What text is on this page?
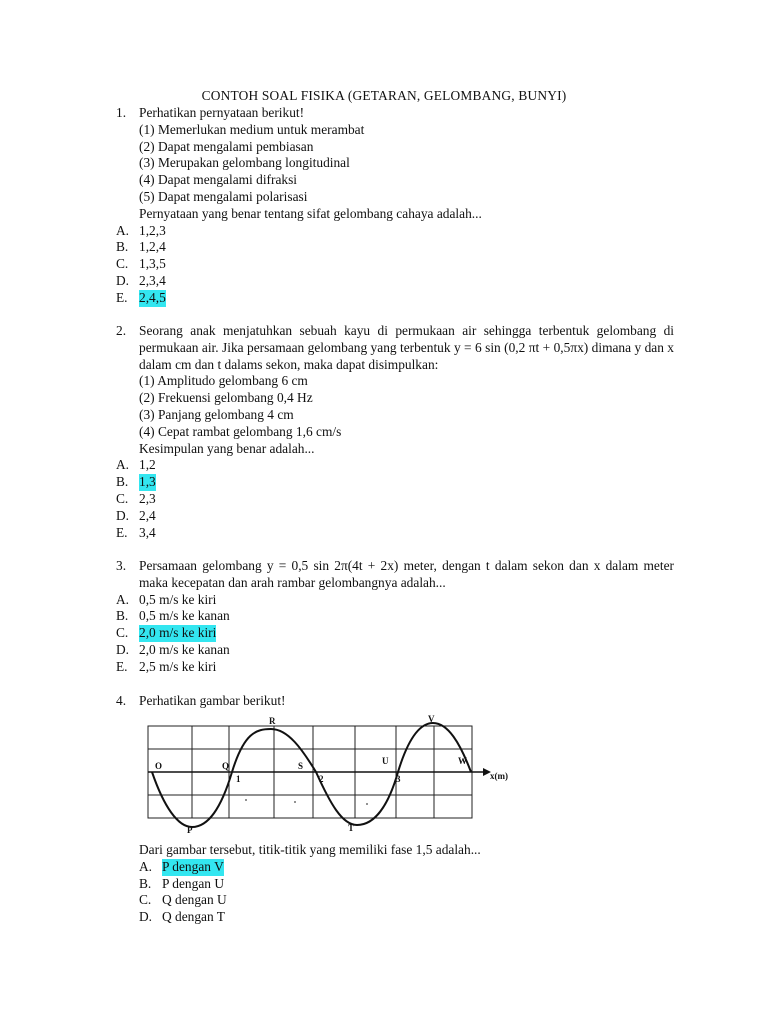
CONTOH SOAL FISIKA (GETARAN, GELOMBANG, BUNYI)
1. Perhatikan pernyataan berikut!
(1) Memerlukan medium untuk merambat
(2) Dapat mengalami pembiasan
(3) Merupakan gelombang longitudinal
(4) Dapat mengalami difraksi
(5) Dapat mengalami polarisasi
Pernyataan yang benar tentang sifat gelombang cahaya adalah...
A. 1,2,3
B. 1,2,4
C. 1,3,5
D. 2,3,4
E. 2,4,5
2. Seorang anak menjatuhkan sebuah kayu di permukaan air sehingga terbentuk gelombang di permukaan air. Jika persamaan gelombang yang terbentuk y = 6 sin (0,2 πt + 0,5πx) dimana y dan x dalam cm dan t dalams sekon, maka dapat disimpulkan:
(1) Amplitudo gelombang 6 cm
(2) Frekuensi gelombang 0,4 Hz
(3) Panjang gelombang 4 cm
(4) Cepat rambat gelombang 1,6 cm/s
Kesimpulan yang benar adalah...
A. 1,2
B. 1,3
C. 2,3
D. 2,4
E. 3,4
3. Persamaan gelombang y = 0,5 sin 2π(4t + 2x) meter, dengan t dalam sekon dan x dalam meter maka kecepatan dan arah rambar gelombangnya adalah...
A. 0,5 m/s ke kiri
B. 0,5 m/s ke kanan
C. 2,0 m/s ke kiri
D. 2,0 m/s ke kanan
E. 2,5 m/s ke kiri
4. Perhatikan gambar berikut!
O
P
Q
R
S
T
U
V
W
1	2	3	x(m)
Dari gambar tersebut, titik-titik yang memiliki fase 1,5 adalah...
A. P dengan V
B. P dengan U
C. Q dengan U
D. Q dengan T
